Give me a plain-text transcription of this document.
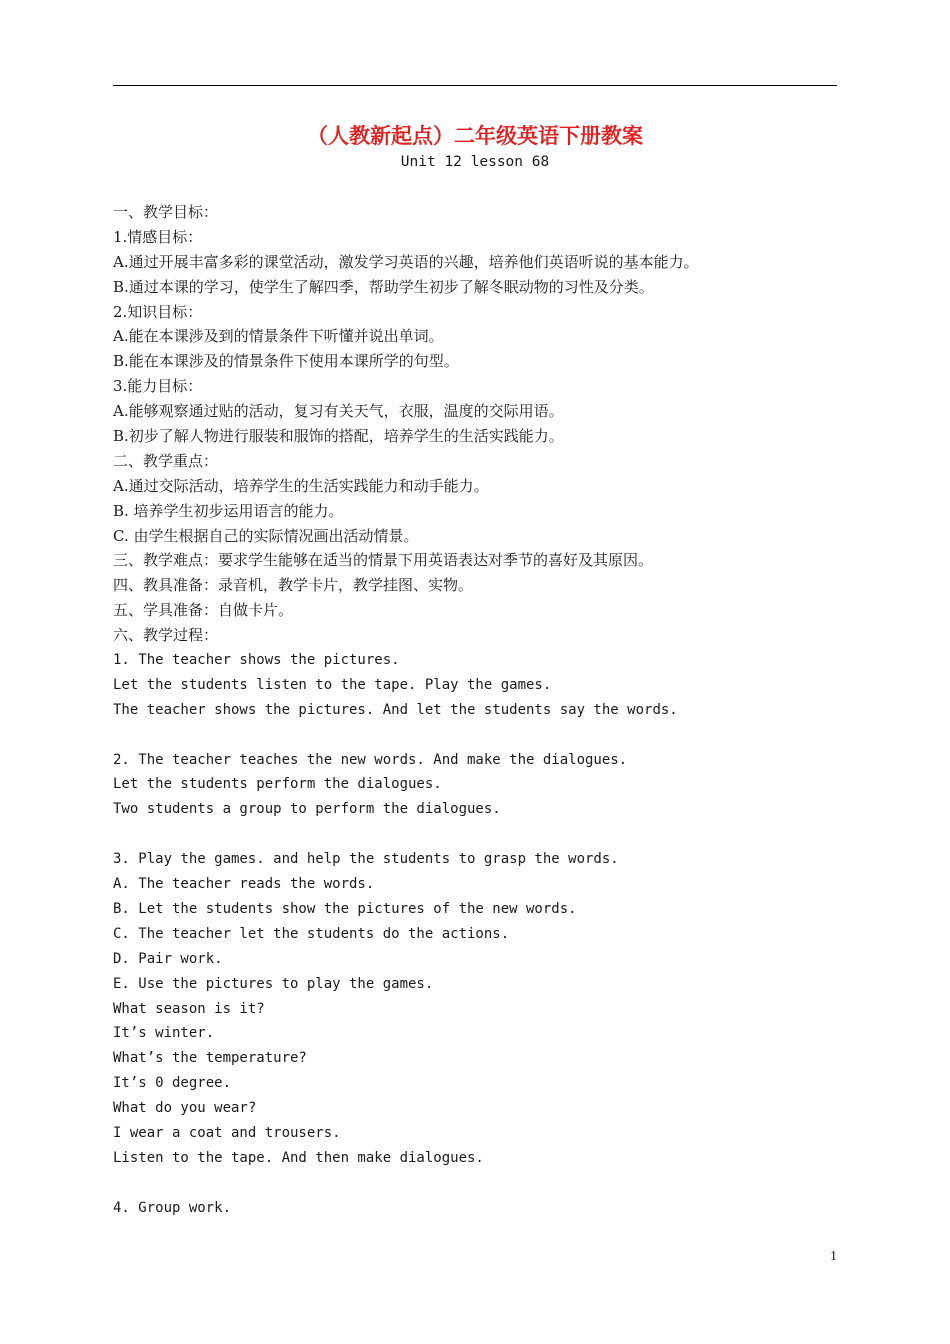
（人教新起点）二年级英语下册教案
Unit 12 lesson 68
一、教学目标：
1.情感目标：
A.通过开展丰富多彩的课堂活动，激发学习英语的兴趣，培养他们英语听说的基本能力。
B.通过本课的学习，使学生了解四季，帮助学生初步了解冬眠动物的习性及分类。
2.知识目标：
A.能在本课涉及到的情景条件下听懂并说出单词。
B.能在本课涉及的情景条件下使用本课所学的句型。
3.能力目标：
A.能够观察通过贴的活动，复习有关天气，衣服，温度的交际用语。
B.初步了解人物进行服装和服饰的搭配，培养学生的生活实践能力。
二、教学重点：
A.通过交际活动，培养学生的生活实践能力和动手能力。
B. 培养学生初步运用语言的能力。
C. 由学生根据自己的实际情况画出活动情景。
三、教学难点：要求学生能够在适当的情景下用英语表达对季节的喜好及其原因。
四、教具准备：录音机，教学卡片，教学挂图、实物。
五、学具准备：自做卡片。
六、教学过程：
1. The teacher shows the pictures.
Let the students listen to the tape. Play the games.
The teacher shows the pictures. And let the students say the words.
2. The teacher teaches the new words. And make the dialogues.
Let the students perform the dialogues.
Two students a group to perform the dialogues.
3. Play the games. and help the students to grasp the words.
A. The teacher reads the words.
B. Let the students show the pictures of the new words.
C. The teacher let the students do the actions.
D. Pair work.
E. Use the pictures to play the games.
What season is it?
It’s winter.
What’s the temperature?
It’s 0 degree.
What do you wear?
I wear a coat and trousers.
Listen to the tape. And then make dialogues.
4. Group work.
1
